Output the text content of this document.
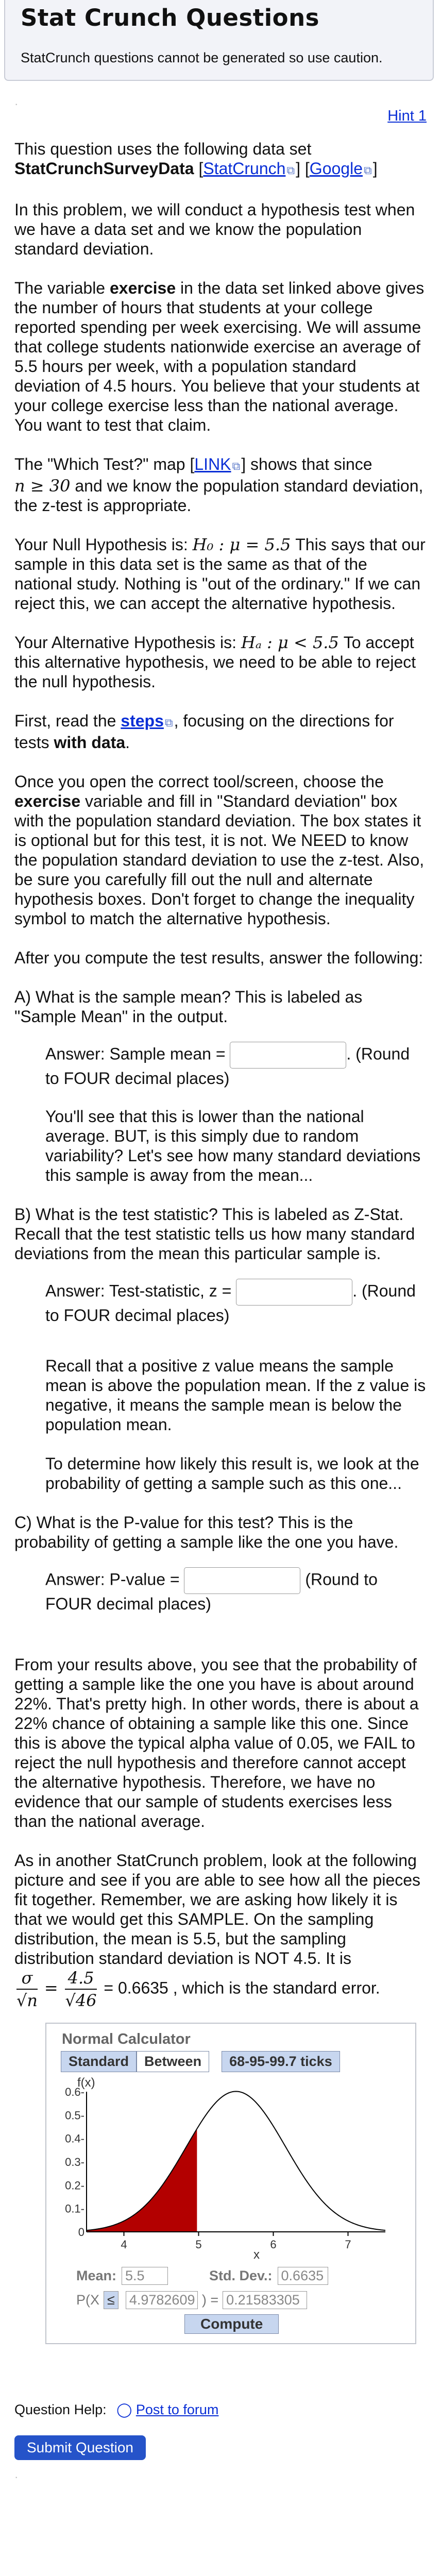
Stat Crunch Questions

StatCrunch questions cannot be generated so use caution.

·
Hint 1

This question uses the following data set
StatCrunchSurveyData [StatCrunch⧉] [Google⧉]

In this problem, we will conduct a hypothesis test when we have a data set and we know the population standard deviation.

The variable exercise in the data set linked above gives the number of hours that students at your college reported spending per week exercising. We will assume that college students nationwide exercise an average of 5.5 hours per week, with a population standard deviation of 4.5 hours. You believe that your students at your college exercise less than the national average. You want to test that claim.

The "Which Test?" map [LINK⧉] shows that since
n ≥ 30 and we know the population standard deviation, the z-test is appropriate.

Your Null Hypothesis is: H₀ : μ = 5.5 This says that our sample in this data set is the same as that of the national study. Nothing is "out of the ordinary." If we can reject this, we can accept the alternative hypothesis.

Your Alternative Hypothesis is: Hₐ : μ < 5.5 To accept this alternative hypothesis, we need to be able to reject the null hypothesis.

First, read the steps⧉, focusing on the directions for tests with data.

Once you open the correct tool/screen, choose the exercise variable and fill in "Standard deviation" box with the population standard deviation. The box states it is optional but for this test, it is not. We NEED to know the population standard deviation to use the z-test. Also, be sure you carefully fill out the null and alternate hypothesis boxes. Don't forget to change the inequality symbol to match the alternative hypothesis.

After you compute the test results, answer the following:

A) What is the sample mean? This is labeled as "Sample Mean" in the output.

Answer: Sample mean =	. (Round to FOUR decimal places)

You'll see that this is lower than the national average. BUT, is this simply due to random variability? Let's see how many standard deviations this sample is away from the mean...

B) What is the test statistic? This is labeled as Z-Stat. Recall that the test statistic tells us how many standard deviations from the mean this particular sample is.

Answer: Test-statistic, z =	. (Round to FOUR decimal places)

Recall that a positive z value means the sample mean is above the population mean. If the z value is negative, it means the sample mean is below the population mean.

To determine how likely this result is, we look at the probability of getting a sample such as this one...

C) What is the P-value for this test? This is the probability of getting a sample like the one you have.

Answer: P-value =	(Round to FOUR decimal places)

From your results above, you see that the probability of getting a sample like the one you have is about around 22%. That's pretty high. In other words, there is about a 22% chance of obtaining a sample like this one. Since this is above the typical alpha value of 0.05, we FAIL to reject the null hypothesis and therefore cannot accept the alternative hypothesis. Therefore, we have no evidence that our sample of students exercises less than the national average.

As in another StatCrunch problem, look at the following picture and see if you are able to see how all the pieces fit together. Remember, we are asking how likely it is that we would get this SAMPLE. On the sampling distribution, the mean is 5.5, but the sampling distribution standard deviation is NOT 4.5. It is

$\frac{\sigma}{√n} = \frac{4.5}{√46} = 0.6635$ , which is the standard error.

Normal Calculator
Standard	Between	68-95-99.7 ticks
f(x)
0
0.1-
0.2-
0.3-
0.4-
0.5-
0.6-
4	5	6	7
x
Mean: 5.5	Std. Dev.: 0.6635
P(X ≤ 4.9782609 ) = 0.21583305
Compute
Question Help: ◯ Post to forum
Submit Question
·
